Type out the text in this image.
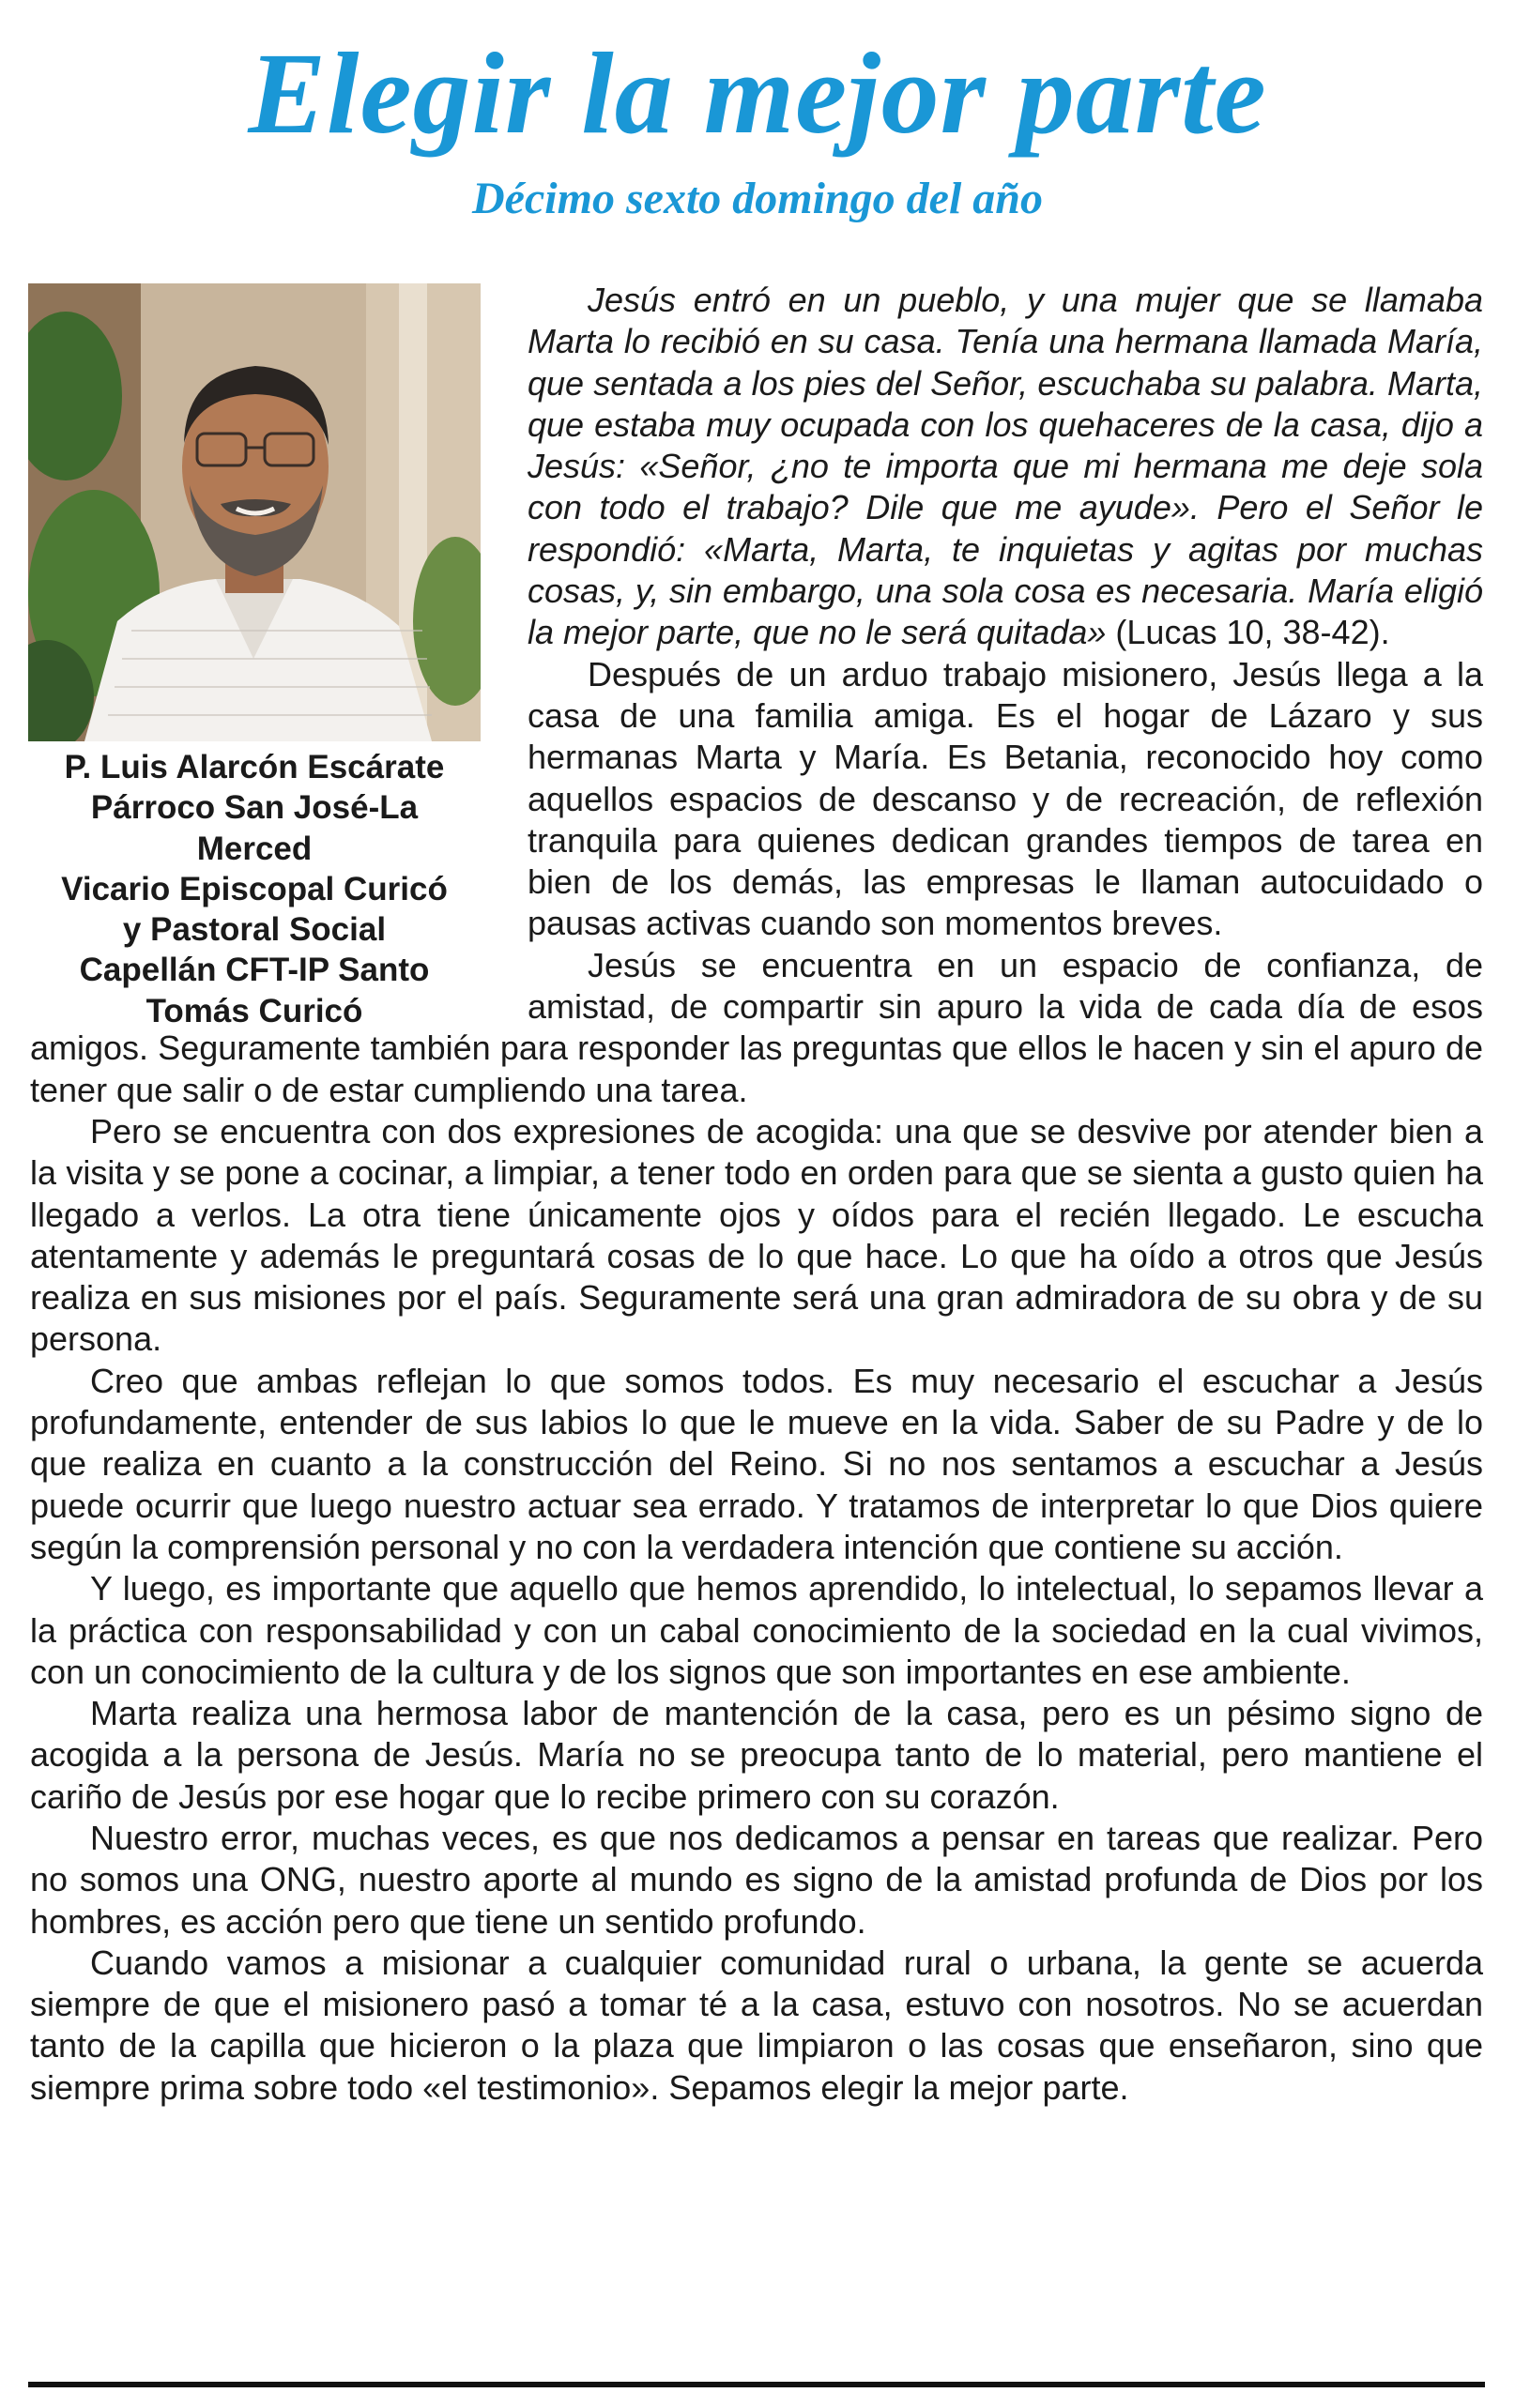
Elegir la mejor parte
Décimo sexto domingo del año
P. Luis Alarcón Escárate
Párroco San José-La
Merced
Vicario Episcopal Curicó
y Pastoral Social
Capellán CFT-IP Santo
Tomás Curicó

Jesús entró en un pueblo, y una mujer que se llamaba Marta lo recibió en su casa. Tenía una hermana llamada María, que sentada a los pies del Señor, escuchaba su palabra. Marta, que estaba muy ocupada con los quehaceres de la casa, dijo a Jesús: «Señor, ¿no te importa que mi hermana me deje sola con todo el trabajo? Dile que me ayude». Pero el Señor le respondió: «Marta, Marta, te inquietas y agitas por muchas cosas, y, sin embargo, una sola cosa es necesaria. María eligió la mejor parte, que no le será quitada» (Lucas 10, 38-42).

Después de un arduo trabajo misionero, Jesús llega a la casa de una familia amiga. Es el hogar de Lázaro y sus hermanas Marta y María. Es Betania, reconocido hoy como aquellos espacios de descanso y de recreación, de reflexión tranquila para quienes dedican grandes tiempos de tarea en bien de los demás, las empresas le llaman autocuidado o pausas activas cuando son momentos breves.

Jesús se encuentra en un espacio de confianza, de amistad, de compartir sin apuro la vida de cada día de esos amigos. Seguramente también para responder las preguntas que ellos le hacen y sin el apuro de tener que salir o de estar cumpliendo una tarea.

Pero se encuentra con dos expresiones de acogida: una que se desvive por atender bien a la visita y se pone a cocinar, a limpiar, a tener todo en orden para que se sienta a gusto quien ha llegado a verlos. La otra tiene únicamente ojos y oídos para el recién llegado. Le escucha atentamente y además le preguntará cosas de lo que hace. Lo que ha oído a otros que Jesús realiza en sus misiones por el país. Seguramente será una gran admiradora de su obra y de su persona.

Creo que ambas reflejan lo que somos todos. Es muy necesario el escuchar a Jesús profundamente, entender de sus labios lo que le mueve en la vida. Saber de su Padre y de lo que realiza en cuanto a la construcción del Reino. Si no nos sentamos a escuchar a Jesús puede ocurrir que luego nuestro actuar sea errado. Y tratamos de interpretar lo que Dios quiere según la comprensión personal y no con la verdadera intención que contiene su acción.

Y luego, es importante que aquello que hemos aprendido, lo intelectual, lo sepamos llevar a la práctica con responsabilidad y con un cabal conocimiento de la sociedad en la cual vivimos, con un conocimiento de la cultura y de los signos que son importantes en ese ambiente.

Marta realiza una hermosa labor de mantención de la casa, pero es un pésimo signo de acogida a la persona de Jesús. María no se preocupa tanto de lo material, pero mantiene el cariño de Jesús por ese hogar que lo recibe primero con su corazón.

Nuestro error, muchas veces, es que nos dedicamos a pensar en tareas que realizar. Pero no somos una ONG, nuestro aporte al mundo es signo de la amistad profunda de Dios por los hombres, es acción pero que tiene un sentido profundo.

Cuando vamos a misionar a cualquier comunidad rural o urbana, la gente se acuerda siempre de que el misionero pasó a tomar té a la casa, estuvo con nosotros. No se acuerdan tanto de la capilla que hicieron o la plaza que limpiaron o las cosas que enseñaron, sino que siempre prima sobre todo «el testimonio». Sepamos elegir la mejor parte.
